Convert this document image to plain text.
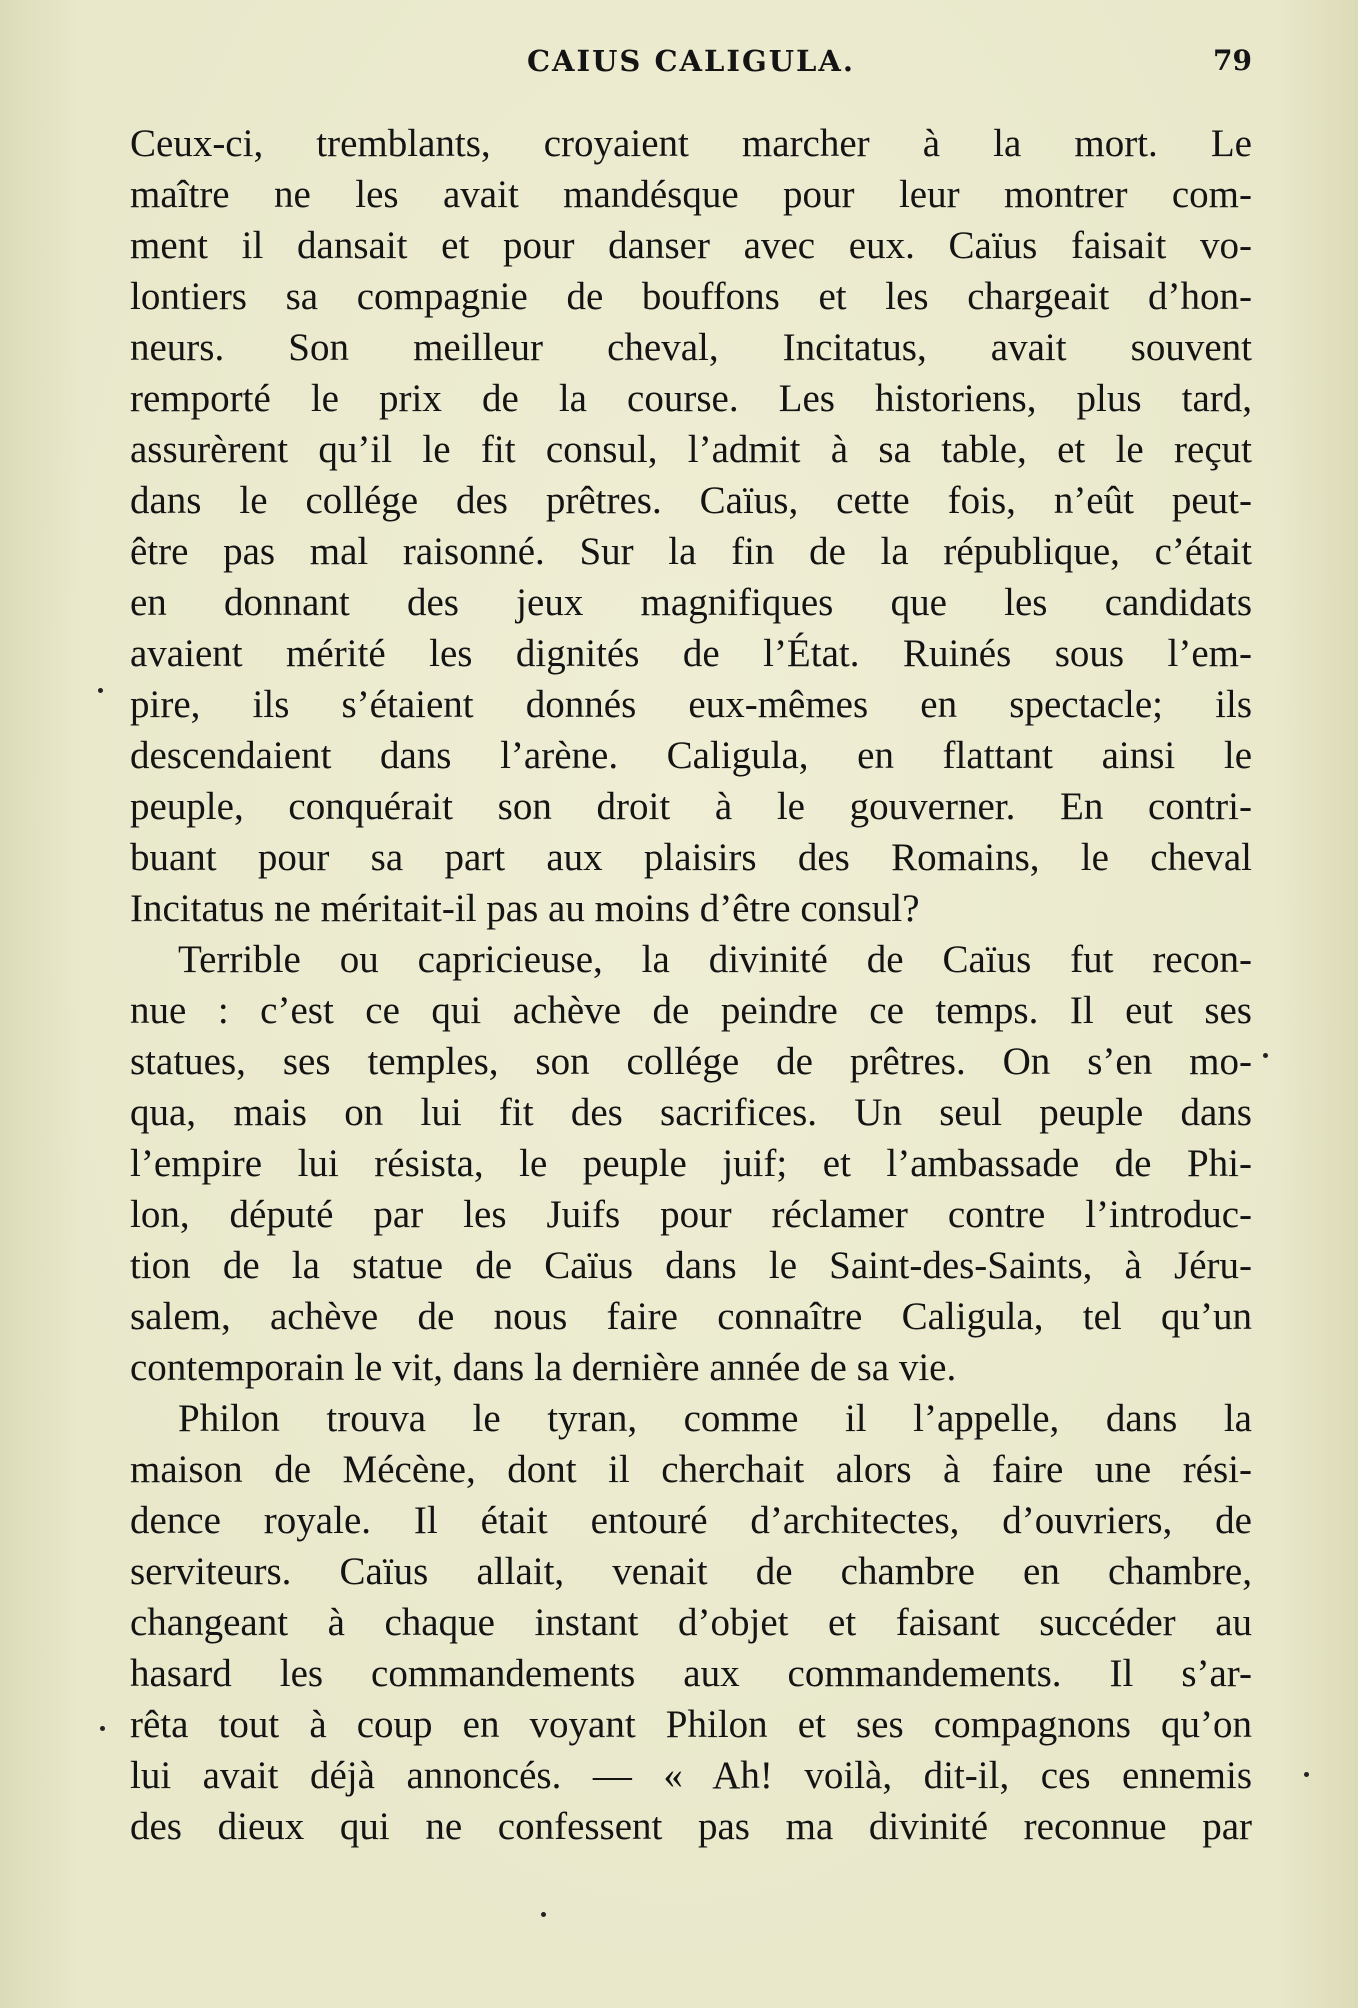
CAIUS CALIGULA.	79
Ceux-ci, tremblants, croyaient marcher à la mort. Le
maître ne les avait mandésque pour leur montrer com-
ment il dansait et pour danser avec eux. Caïus faisait vo-
lontiers sa compagnie de bouffons et les chargeait d’hon-
neurs. Son meilleur cheval, Incitatus, avait souvent
remporté le prix de la course. Les historiens, plus tard,
assurèrent qu’il le fit consul, l’admit à sa table, et le reçut
dans le collége des prêtres. Caïus, cette fois, n’eût peut-
être pas mal raisonné. Sur la fin de la république, c’était
en donnant des jeux magnifiques que les candidats
avaient mérité les dignités de l’État. Ruinés sous l’em-
pire, ils s’étaient donnés eux-mêmes en spectacle; ils
descendaient dans l’arène. Caligula, en flattant ainsi le
peuple, conquérait son droit à le gouverner. En contri-
buant pour sa part aux plaisirs des Romains, le cheval
Incitatus ne méritait-il pas au moins d’être consul?
Terrible ou capricieuse, la divinité de Caïus fut recon-
nue : c’est ce qui achève de peindre ce temps. Il eut ses
statues, ses temples, son collége de prêtres. On s’en mo-
qua, mais on lui fit des sacrifices. Un seul peuple dans
l’empire lui résista, le peuple juif; et l’ambassade de Phi-
lon, député par les Juifs pour réclamer contre l’introduc-
tion de la statue de Caïus dans le Saint-des-Saints, à Jéru-
salem, achève de nous faire connaître Caligula, tel qu’un
contemporain le vit, dans la dernière année de sa vie.
Philon trouva le tyran, comme il l’appelle, dans la
maison de Mécène, dont il cherchait alors à faire une rési-
dence royale. Il était entouré d’architectes, d’ouvriers, de
serviteurs. Caïus allait, venait de chambre en chambre,
changeant à chaque instant d’objet et faisant succéder au
hasard les commandements aux commandements. Il s’ar-
rêta tout à coup en voyant Philon et ses compagnons qu’on
lui avait déjà annoncés. — « Ah! voilà, dit-il, ces ennemis
des dieux qui ne confessent pas ma divinité reconnue par
